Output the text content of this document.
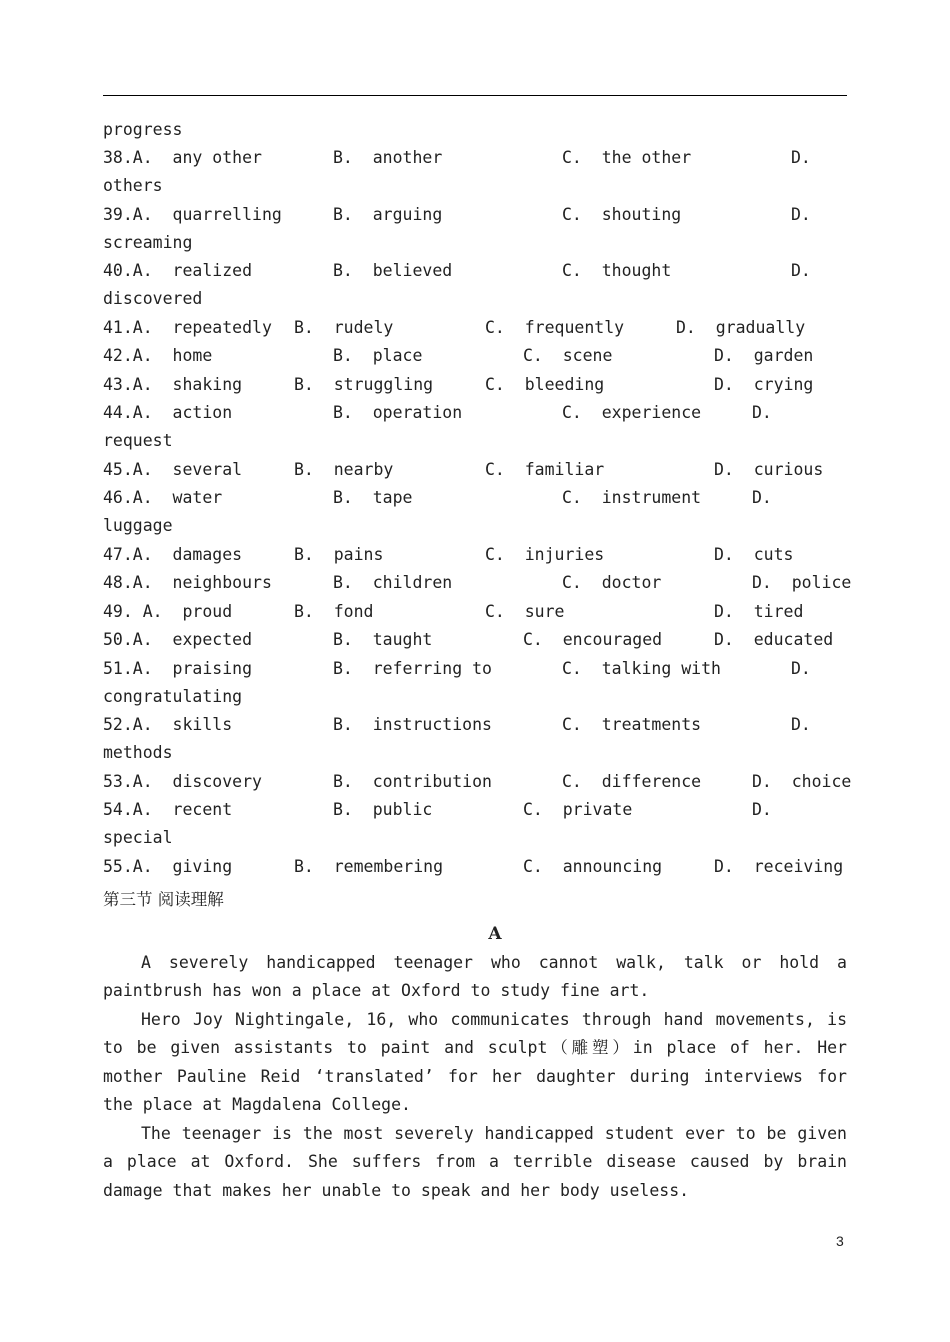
progress
38.A.  any other	B.  another	C.  the other	D.
others
39.A.  quarrelling	B.  arguing	C.  shouting	D.
screaming
40.A.  realized	B.  believed	C.  thought	D.
discovered
41.A.  repeatedly B.  rudely	C.  frequently	D.  gradually
42.A.  home	B.  place	C.  scene	D.  garden
43.A.  shaking	B.  struggling	C.  bleeding	D.  crying
44.A.  action	B.  operation	C.  experience	D.
request
45.A.  several	B.  nearby	C.  familiar	D.  curious
46.A.  water	B.  tape	C.  instrument	D.
luggage
47.A.  damages	B.  pains	C.  injuries	D.  cuts
48.A.  neighbours	B.  children	C.  doctor	D.  police
49. A.  proud	B.  fond	C.  sure	D.  tired
50.A.  expected	B.  taught	C.  encouraged	D.  educated
51.A.  praising	B.  referring to	C.  talking with	D.
congratulating
52.A.  skills	B.  instructions	C.  treatments	D.
methods
53.A.  discovery	B.  contribution	C.  difference	D.  choice
54.A.  recent	B.  public	C.  private	D.
special
55.A.  giving	B.  remembering	C.  announcing	D.  receiving
第三节 阅读理解
A
A severely handicapped teenager who cannot walk, talk or hold a paintbrush has won a place at Oxford to study fine art.
Hero Joy Nightingale, 16, who communicates through hand movements, is to be given assistants to paint and sculpt（雕塑）in place of her. Her mother Pauline Reid ‘translated’ for her daughter during interviews for the place at Magdalena College.
The teenager is the most severely handicapped student ever to be given a place at Oxford. She suffers from a terrible disease caused by brain damage that makes her unable to speak and her body useless.
3
